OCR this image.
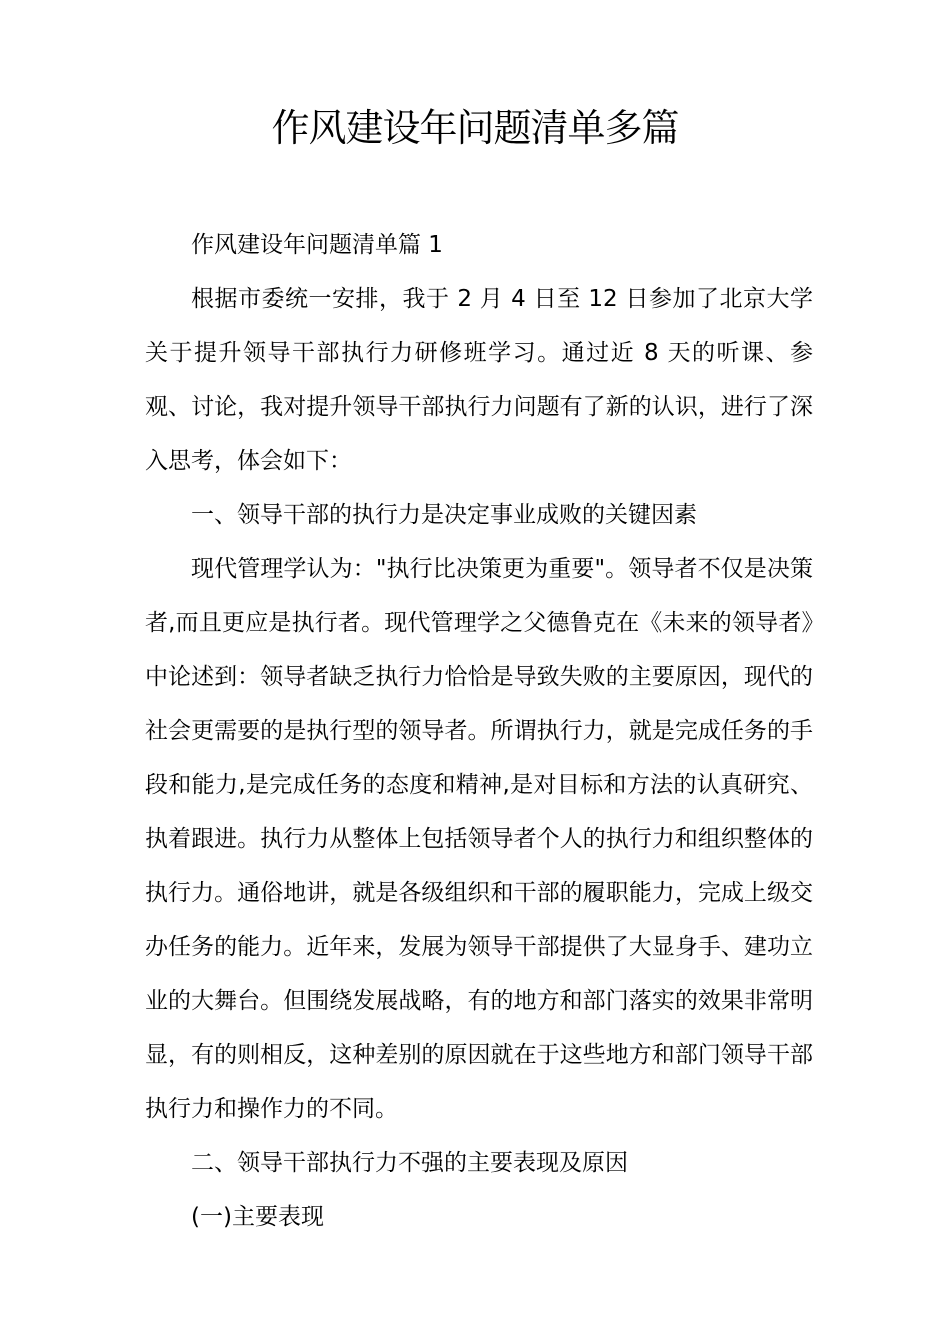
作风建设年问题清单多篇

作风建设年问题清单篇 1

根据市委统一安排，我于 2 月 4 日至 12 日参加了北京大学关于提升领导干部执行力研修班学习。通过近 8 天的听课、参观、讨论，我对提升领导干部执行力问题有了新的认识，进行了深入思考，体会如下：

一、领导干部的执行力是决定事业成败的关键因素

现代管理学认为："执行比决策更为重要"。领导者不仅是决策者,而且更应是执行者。现代管理学之父德鲁克在《未来的领导者》中论述到：领导者缺乏执行力恰恰是导致失败的主要原因，现代的社会更需要的是执行型的领导者。所谓执行力，就是完成任务的手段和能力,是完成任务的态度和精神,是对目标和方法的认真研究、执着跟进。执行力从整体上包括领导者个人的执行力和组织整体的执行力。通俗地讲，就是各级组织和干部的履职能力，完成上级交办任务的能力。近年来，发展为领导干部提供了大显身手、建功立业的大舞台。但围绕发展战略，有的地方和部门落实的效果非常明显，有的则相反，这种差别的原因就在于这些地方和部门领导干部执行力和操作力的不同。

二、领导干部执行力不强的主要表现及原因

(一)主要表现
